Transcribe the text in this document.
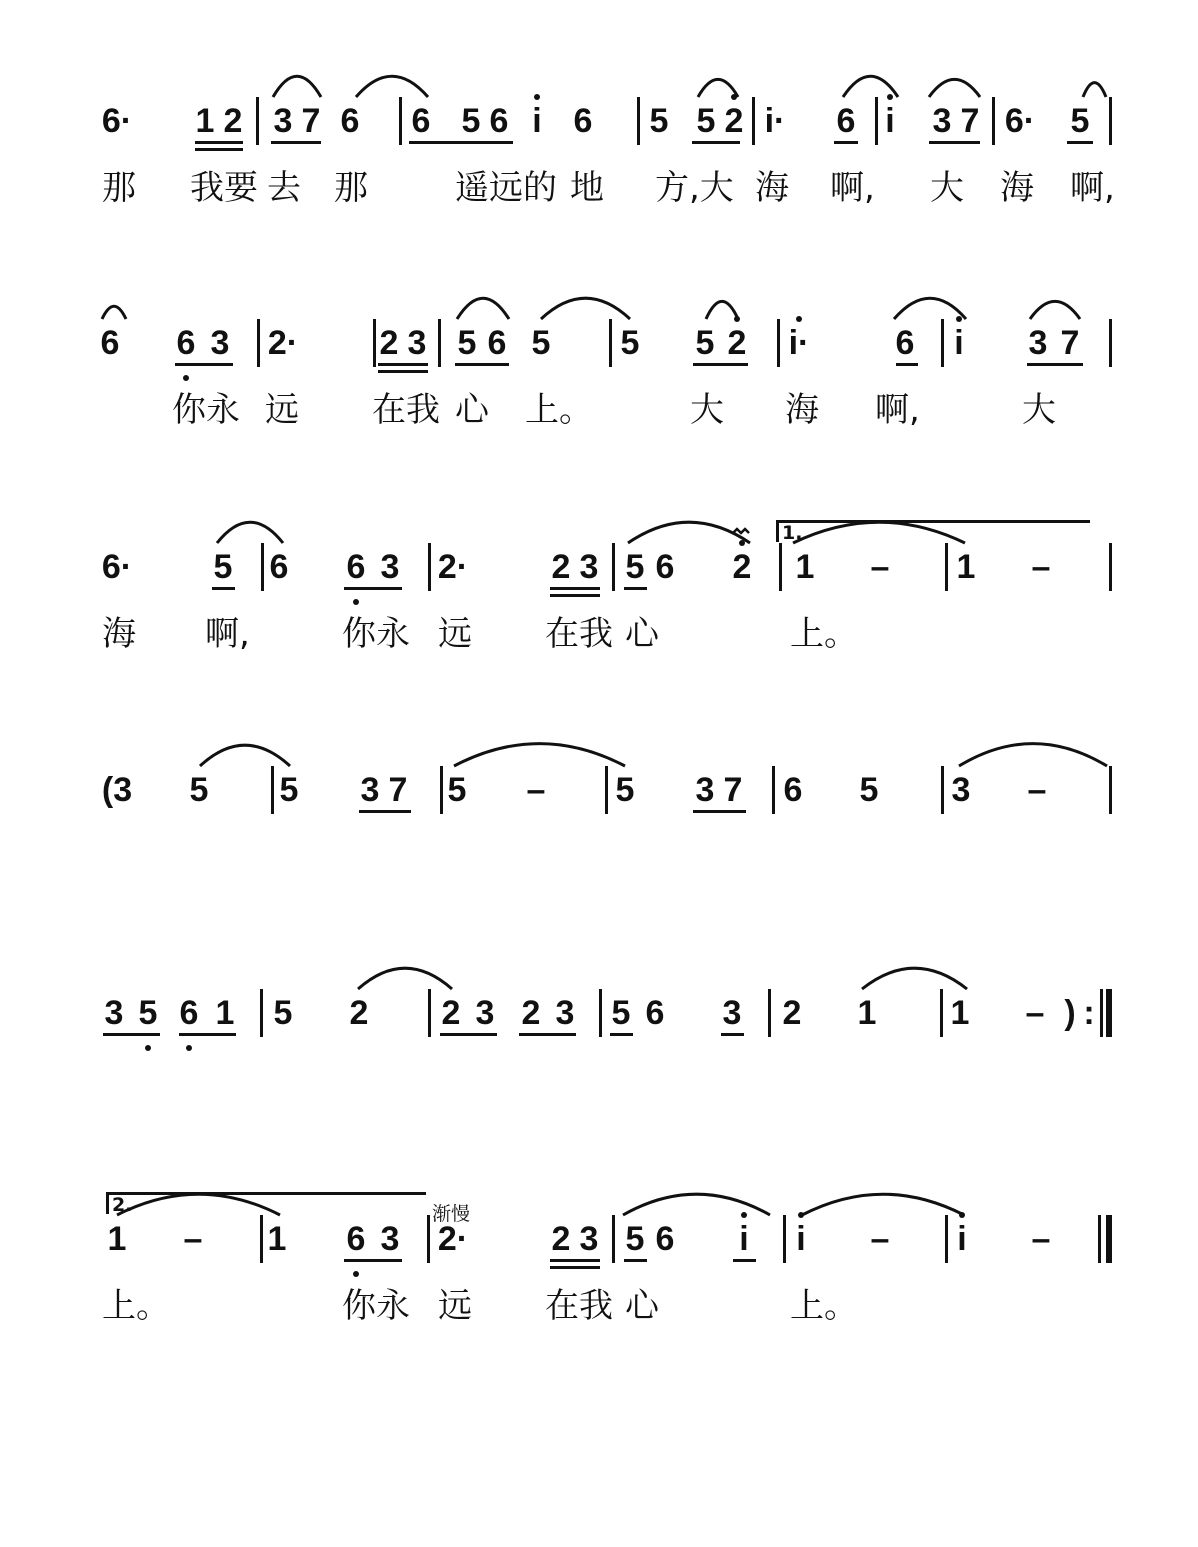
6· 1 2 3 7 6 6 5 6 i 6 5 5 2 i· 6 i 3 7 6· 5
那 我要 去 那	遥远的 地 方,大 海 啊, 大 海 啊,
6 6 3 2· 2 3 5 6 5 5 5 2 i·	6 i 3 7
你永 远 在我 心 上。	大 海 啊,	大
6· 5 6 6 3 2· 2 3 5 6 2 1 – 1 –
海 啊,	你永 远 在我 心	上。
1.
(3 5 5 3 7 5 – 5 3 7 6 5 3 –
3 5 6 1 5 2 2 3 2 3 5 6 3 2 1 1 – ) :
1 – 1 6 3 2· 2 3 5 6 i i – i –
上。	你永 远 在我 心	上。
2.	渐慢
